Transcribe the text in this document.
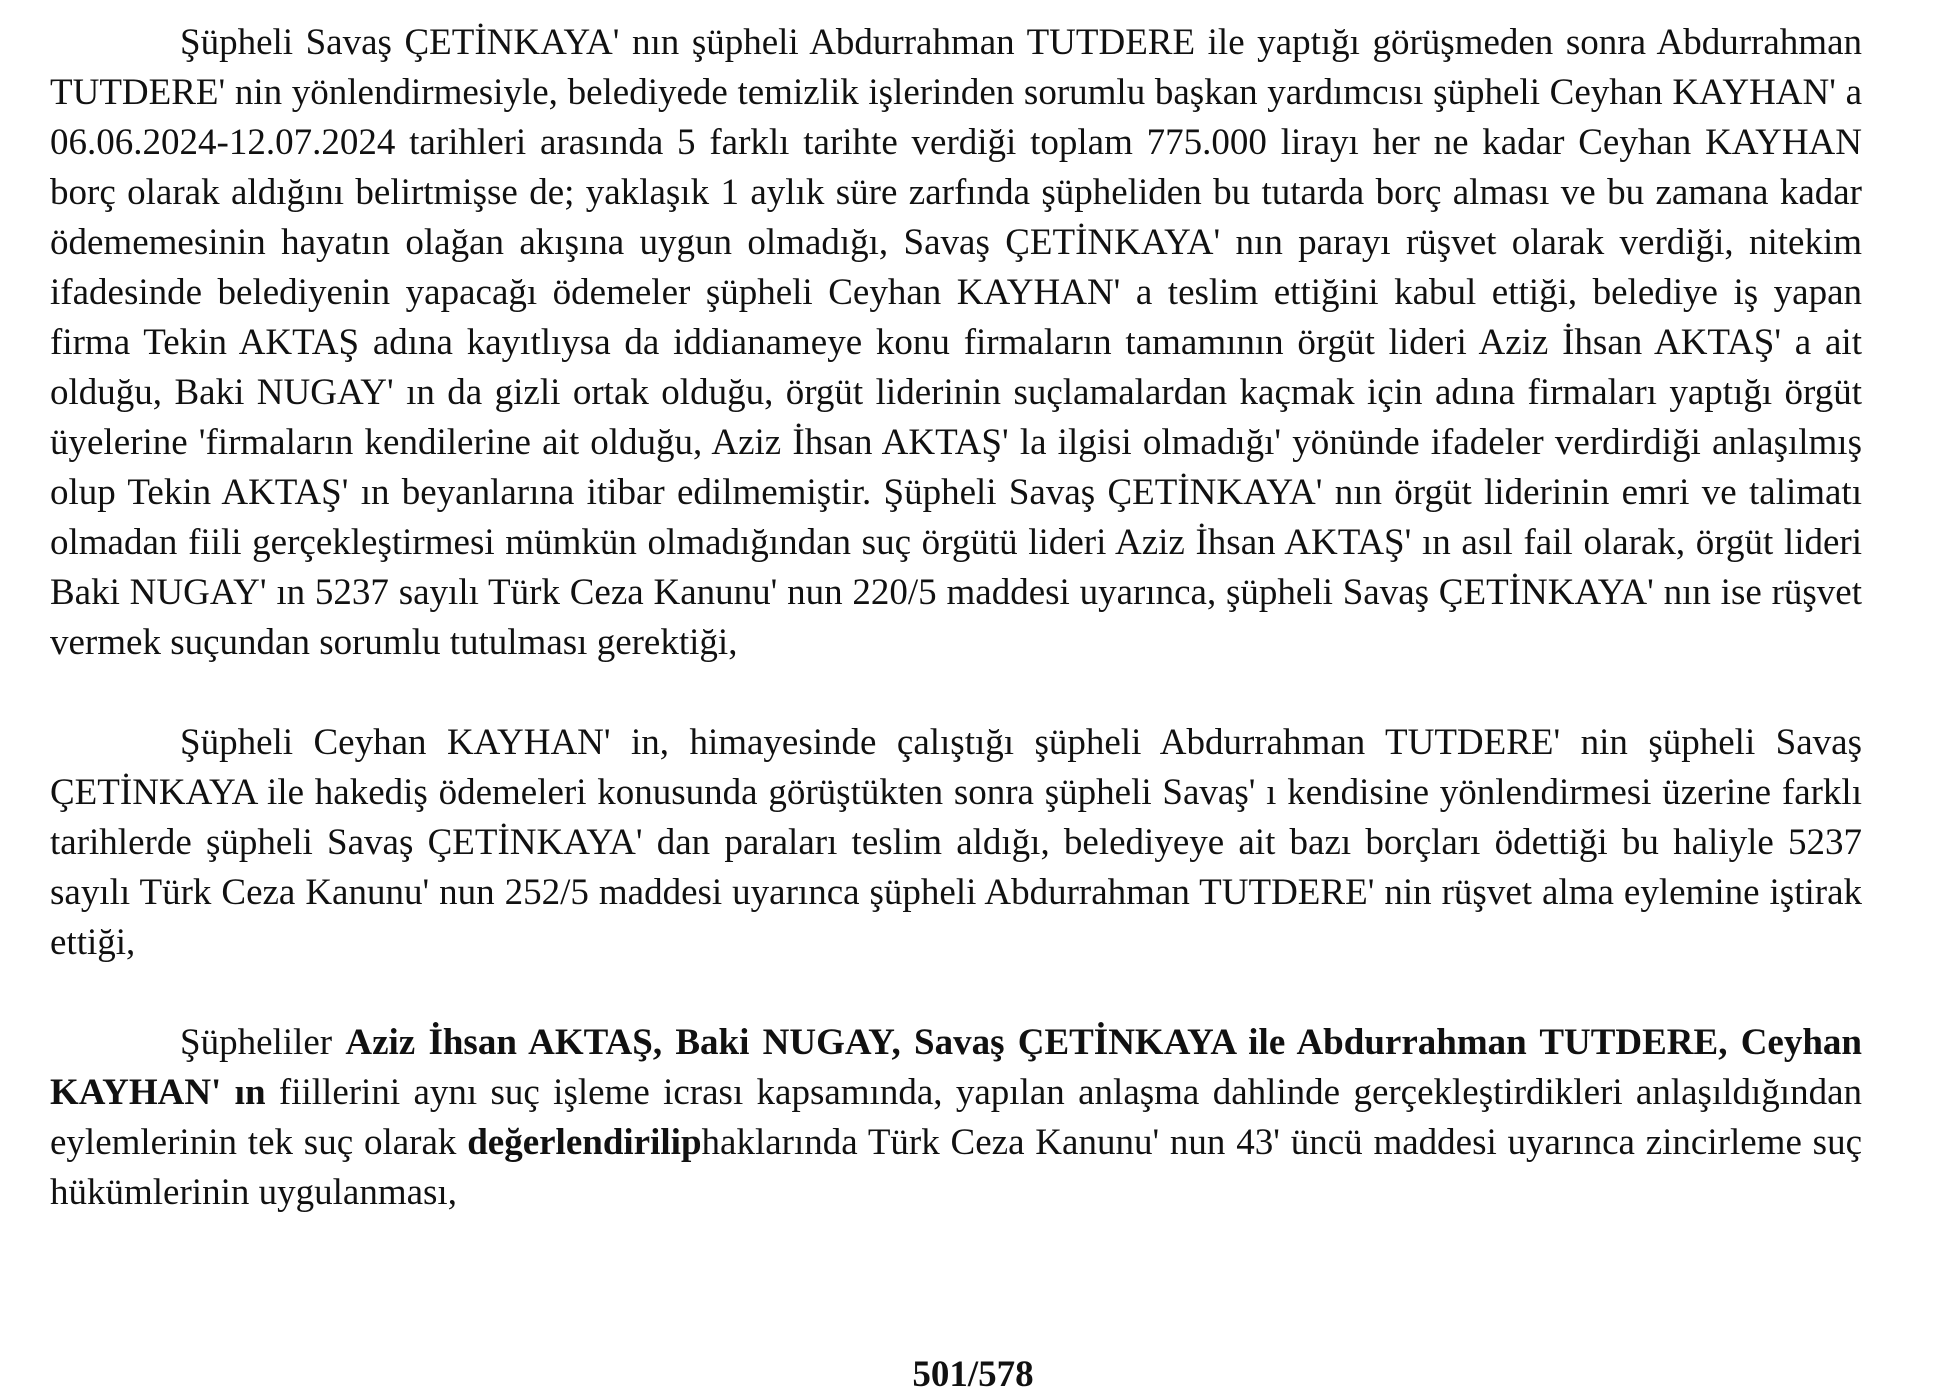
Şüpheli Savaş ÇETİNKAYA' nın şüpheli Abdurrahman TUTDERE ile yaptığı görüşmeden sonra Abdurrahman TUTDERE' nin yönlendirmesiyle, belediyede temizlik işlerinden sorumlu başkan yardımcısı şüpheli Ceyhan KAYHAN' a 06.06.2024-12.07.2024 tarihleri arasında 5 farklı tarihte verdiği toplam 775.000 lirayı her ne kadar Ceyhan KAYHAN borç olarak aldığını belirtmişse de; yaklaşık 1 aylık süre zarfında şüpheliden bu tutarda borç alması ve bu zamana kadar ödememesinin hayatın olağan akışına uygun olmadığı, Savaş ÇETİNKAYA' nın parayı rüşvet olarak verdiği, nitekim ifadesinde belediyenin yapacağı ödemeler şüpheli Ceyhan KAYHAN' a teslim ettiğini kabul ettiği, belediye iş yapan firma Tekin AKTAŞ adına kayıtlıysa da iddianameye konu firmaların tamamının örgüt lideri Aziz İhsan AKTAŞ' a ait olduğu, Baki NUGAY' ın da gizli ortak olduğu, örgüt liderinin suçlamalardan kaçmak için adına firmaları yaptığı örgüt üyelerine 'firmaların kendilerine ait olduğu, Aziz İhsan AKTAŞ' la ilgisi olmadığı' yönünde ifadeler verdirdiği anlaşılmış olup Tekin AKTAŞ' ın beyanlarına itibar edilmemiştir. Şüpheli Savaş ÇETİNKAYA' nın örgüt liderinin emri ve talimatı olmadan fiili gerçekleştirmesi mümkün olmadığından suç örgütü lideri Aziz İhsan AKTAŞ' ın asıl fail olarak, örgüt lideri Baki NUGAY' ın 5237 sayılı Türk Ceza Kanunu' nun 220/5 maddesi uyarınca, şüpheli Savaş ÇETİNKAYA' nın ise rüşvet vermek suçundan sorumlu tutulması gerektiği,

Şüpheli Ceyhan KAYHAN' in, himayesinde çalıştığı şüpheli Abdurrahman TUTDERE' nin şüpheli Savaş ÇETİNKAYA ile hakediş ödemeleri konusunda görüştükten sonra şüpheli Savaş' ı kendisine yönlendirmesi üzerine farklı tarihlerde şüpheli Savaş ÇETİNKAYA' dan paraları teslim aldığı, belediyeye ait bazı borçları ödettiği bu haliyle 5237 sayılı Türk Ceza Kanunu' nun 252/5 maddesi uyarınca şüpheli Abdurrahman TUTDERE' nin rüşvet alma eylemine iştirak ettiği,

Şüpheliler Aziz İhsan AKTAŞ, Baki NUGAY, Savaş ÇETİNKAYA ile Abdurrahman TUTDERE, Ceyhan KAYHAN' ın fiillerini aynı suç işleme icrası kapsamında, yapılan anlaşma dahlinde gerçekleştirdikleri anlaşıldığından eylemlerinin tek suç olarak değerlendiriliphaklarında Türk Ceza Kanunu' nun 43' üncü maddesi uyarınca zincirleme suç hükümlerinin uygulanması,

501/578
